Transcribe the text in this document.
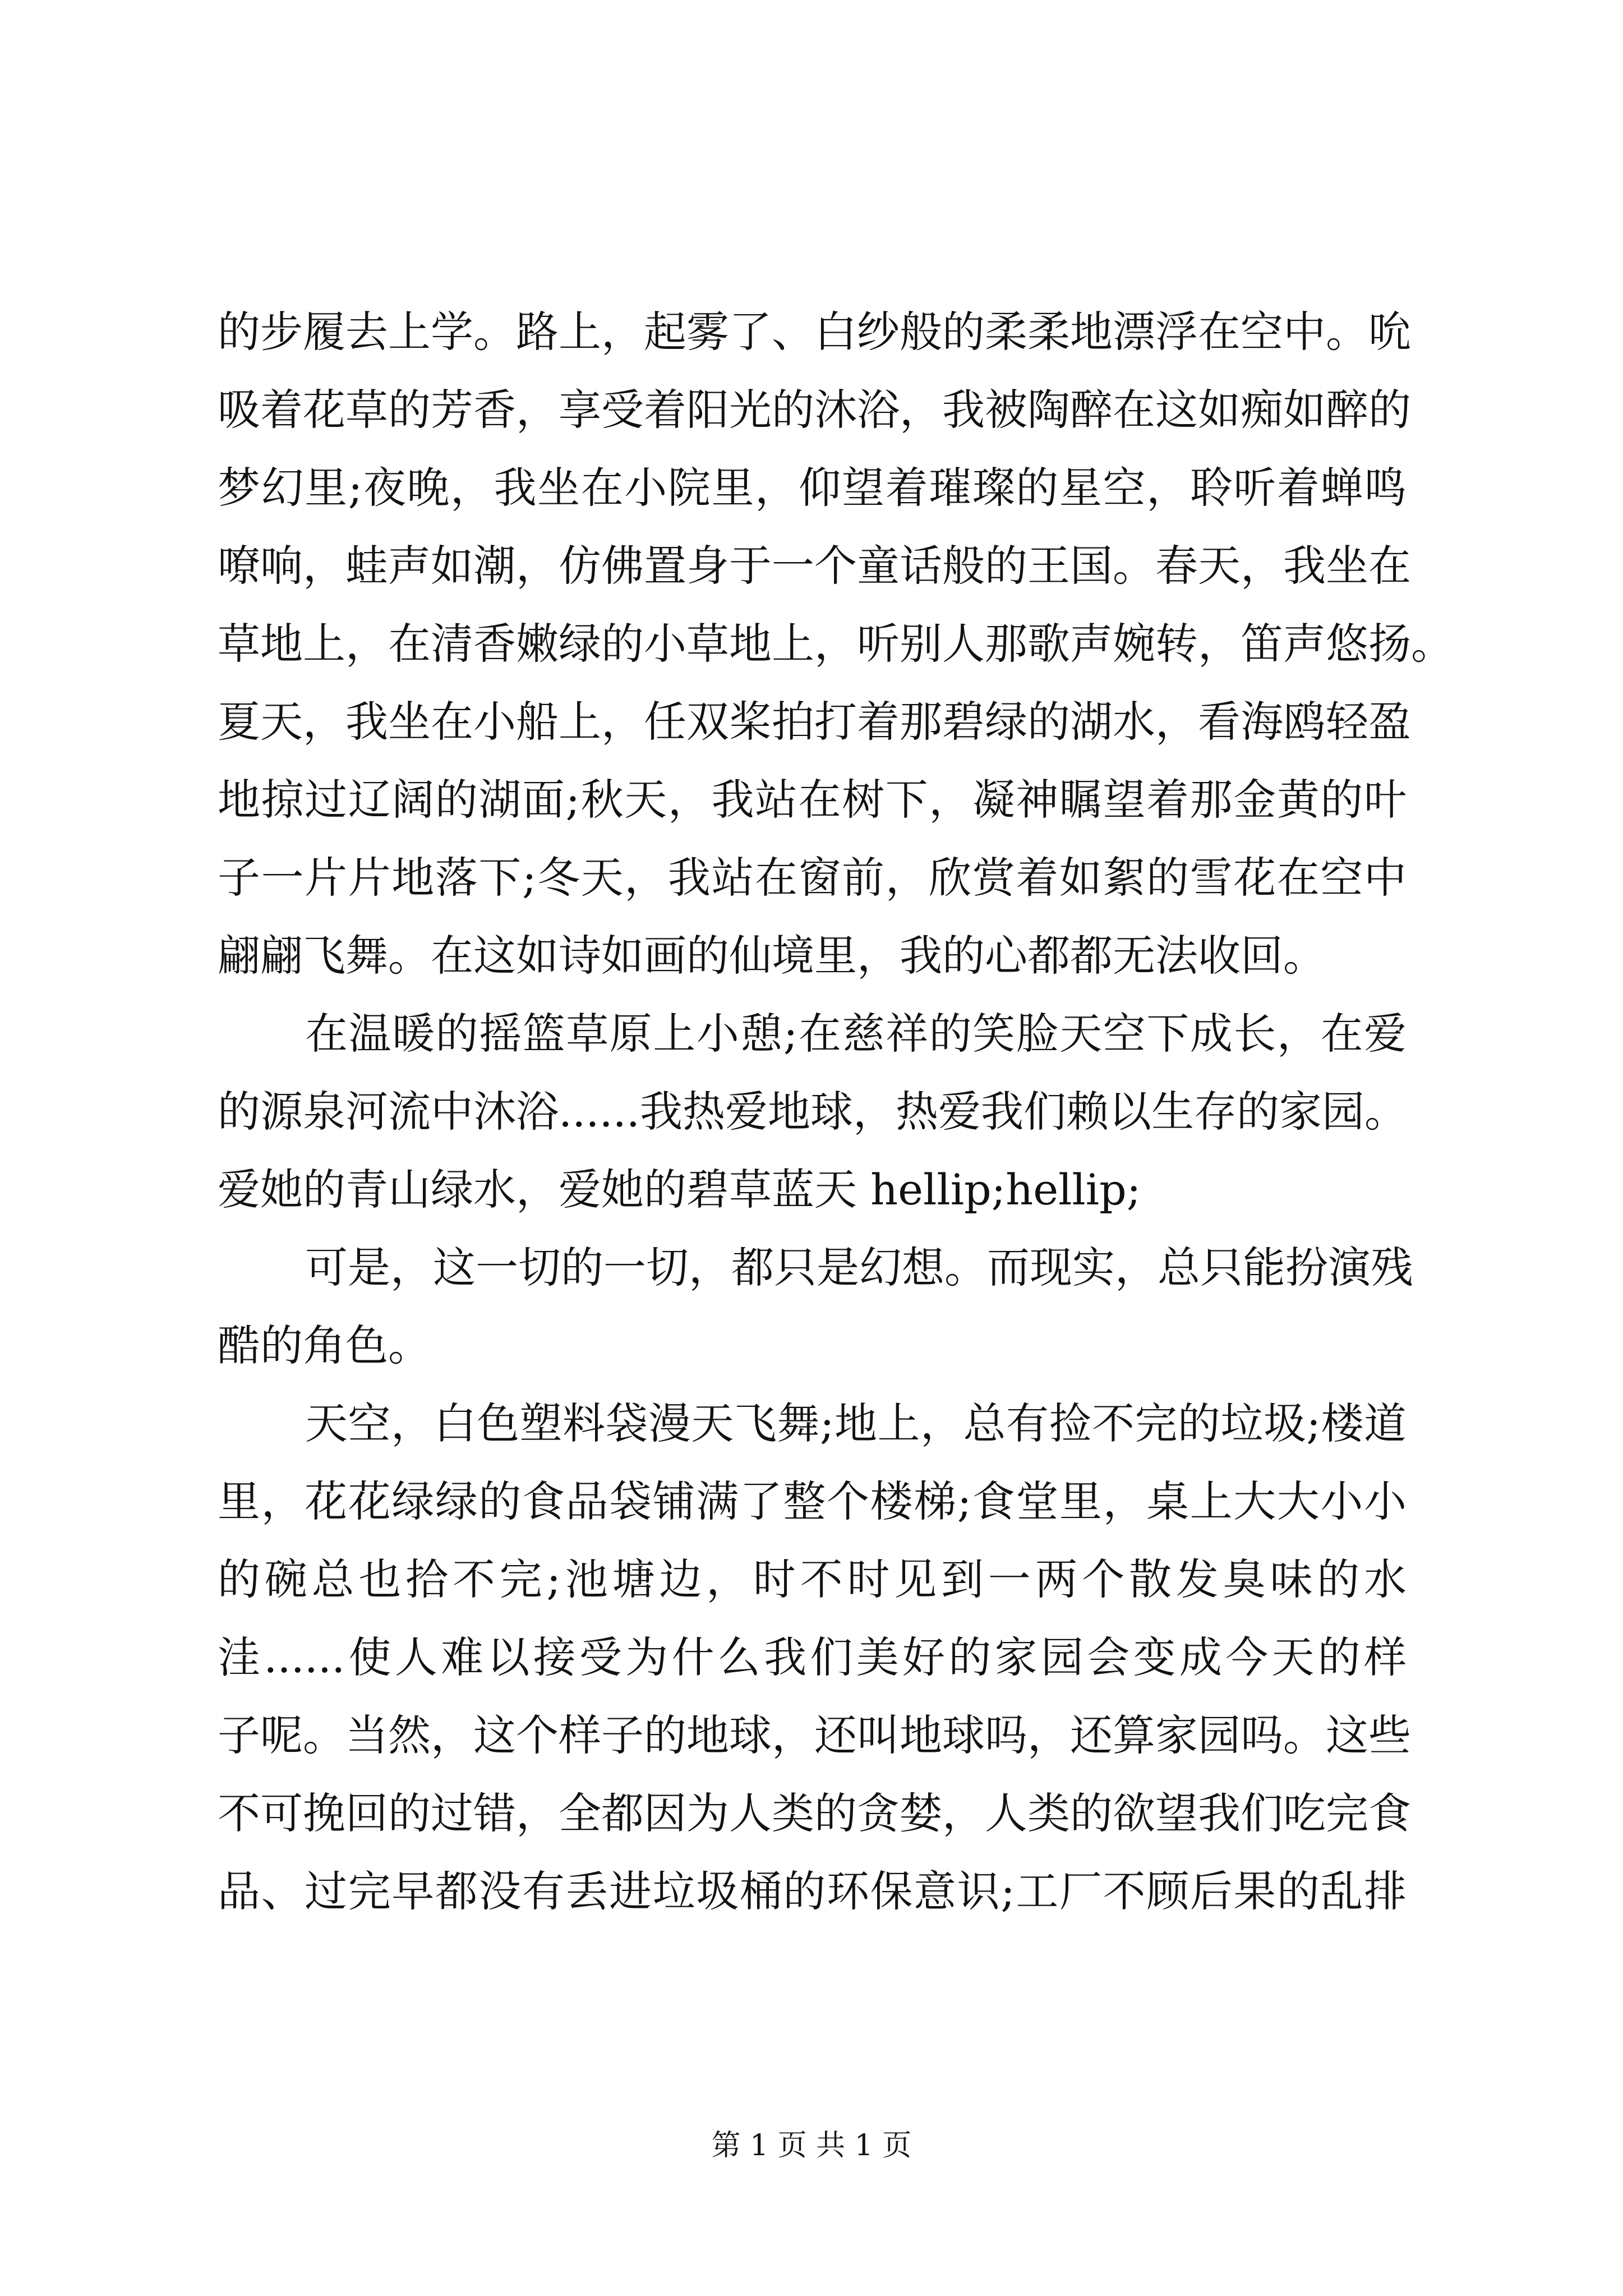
的步履去上学。路上，起雾了、白纱般的柔柔地漂浮在空中。吮
吸着花草的芳香，享受着阳光的沐浴，我被陶醉在这如痴如醉的
梦幻里;夜晚，我坐在小院里，仰望着璀璨的星空，聆听着蝉鸣
嘹响，蛙声如潮，仿佛置身于一个童话般的王国。春天，我坐在
草地上，在清香嫩绿的小草地上，听别人那歌声婉转，笛声悠扬。
夏天，我坐在小船上，任双桨拍打着那碧绿的湖水，看海鸥轻盈
地掠过辽阔的湖面;秋天，我站在树下，凝神瞩望着那金黄的叶
子一片片地落下;冬天，我站在窗前，欣赏着如絮的雪花在空中
翩翩飞舞。在这如诗如画的仙境里，我的心都都无法收回。
在温暖的摇篮草原上小憩;在慈祥的笑脸天空下成长，在爱
的源泉河流中沐浴......我热爱地球，热爱我们赖以生存的家园。
爱她的青山绿水，爱她的碧草蓝天 hellip;hellip;
可是，这一切的一切，都只是幻想。而现实，总只能扮演残
酷的角色。
天空，白色塑料袋漫天飞舞;地上，总有捡不完的垃圾;楼道
里，花花绿绿的食品袋铺满了整个楼梯;食堂里，桌上大大小小
的碗总也拾不完;池塘边，时不时见到一两个散发臭味的水
洼......使人难以接受为什么我们美好的家园会变成今天的样
子呢。当然，这个样子的地球，还叫地球吗，还算家园吗。这些
不可挽回的过错，全都因为人类的贪婪，人类的欲望我们吃完食
品、过完早都没有丢进垃圾桶的环保意识;工厂不顾后果的乱排
第 1 页 共 1 页
